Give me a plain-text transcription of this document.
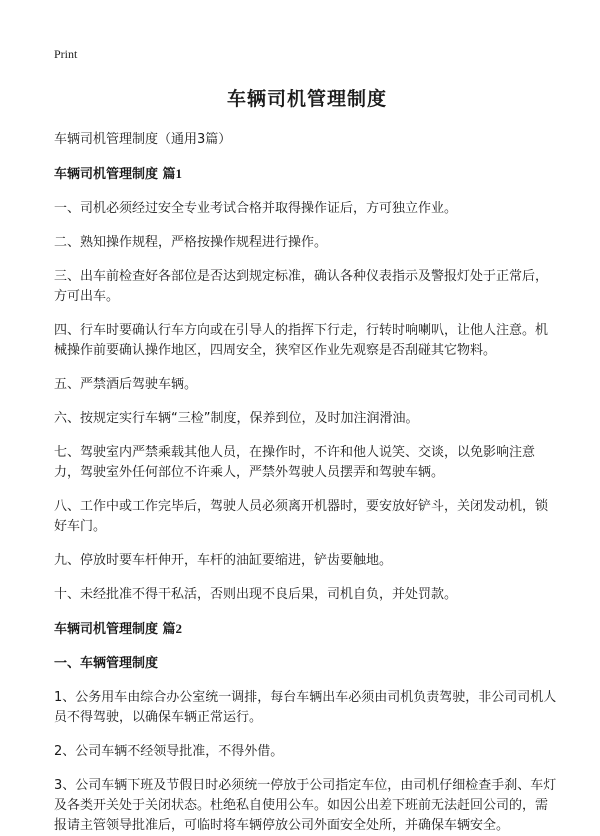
Print

车辆司机管理制度

车辆司机管理制度（通用3篇）

车辆司机管理制度 篇1

一、司机必须经过安全专业考试合格并取得操作证后，方可独立作业。

二、熟知操作规程，严格按操作规程进行操作。

三、出车前检查好各部位是否达到规定标准，确认各种仪表指示及警报灯处于正常后，方可出车。

四、行车时要确认行车方向或在引导人的指挥下行走，行转时响喇叭，让他人注意。机械操作前要确认操作地区，四周安全，狭窄区作业先观察是否刮碰其它物料。

五、严禁酒后驾驶车辆。

六、按规定实行车辆“三检”制度，保养到位，及时加注润滑油。

七、驾驶室内严禁乘载其他人员，在操作时，不许和他人说笑、交谈，以免影响注意力，驾驶室外任何部位不许乘人，严禁外驾驶人员摆弄和驾驶车辆。

八、工作中或工作完毕后，驾驶人员必须离开机器时，要安放好铲斗，关闭发动机，锁好车门。

九、停放时要车杆伸开，车杆的油缸要缩进，铲齿要触地。

十、未经批准不得干私活，否则出现不良后果，司机自负，并处罚款。

车辆司机管理制度 篇2
一、车辆管理制度

1、公务用车由综合办公室统一调排，每台车辆出车必须由司机负责驾驶，非公司司机人员不得驾驶，以确保车辆正常运行。

2、公司车辆不经领导批准，不得外借。

3、公司车辆下班及节假日时必须统一停放于公司指定车位，由司机仔细检查手刹、车灯及各类开关处于关闭状态。杜绝私自使用公车。如因公出差下班前无法赶回公司的，需报请主管领导批准后，可临时将车辆停放公司外面安全处所，并确保车辆安全。
